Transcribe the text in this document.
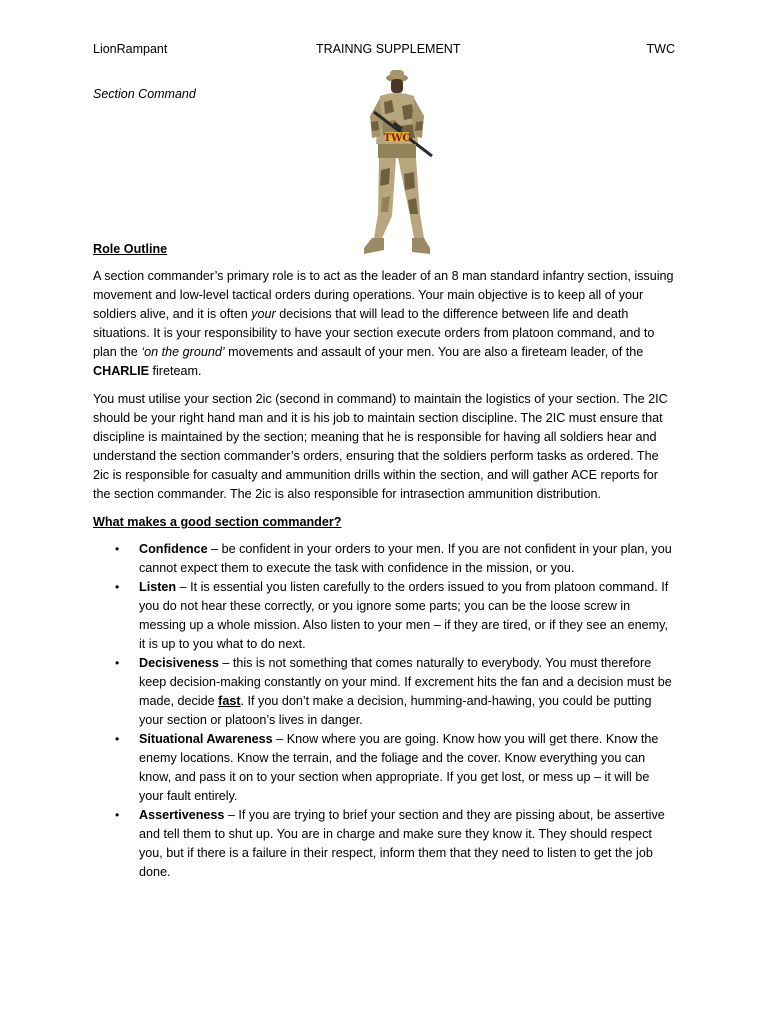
LionRampant	TRAINNG SUPPLEMENT	TWC
Section Command
TWC

Role Outline

A section commander’s primary role is to act as the leader of an 8 man standard infantry section, issuing movement and low-level tactical orders during operations. Your main objective is to keep all of your soldiers alive, and it is often your decisions that will lead to the difference between life and death situations. It is your responsibility to have your section execute orders from platoon command, and to plan the ‘on the ground’ movements and assault of your men. You are also a fireteam leader, of the CHARLIE fireteam.

You must utilise your section 2ic (second in command) to maintain the logistics of your section. The 2IC should be your right hand man and it is his job to maintain section discipline. The 2IC must ensure that discipline is maintained by the section; meaning that he is responsible for having all soldiers hear and understand the section commander’s orders, ensuring that the soldiers perform tasks as ordered. The 2ic is responsible for casualty and ammunition drills within the section, and will gather ACE reports for the section commander. The 2ic is also responsible for intrasection ammunition distribution.

What makes a good section commander?

• Confidence – be confident in your orders to your men. If you are not confident in your plan, you cannot expect them to execute the task with confidence in the mission, or you.
• Listen – It is essential you listen carefully to the orders issued to you from platoon command. If you do not hear these correctly, or you ignore some parts; you can be the loose screw in messing up a whole mission. Also listen to your men – if they are tired, or if they see an enemy, it is up to you what to do next.
• Decisiveness – this is not something that comes naturally to everybody. You must therefore keep decision-making constantly on your mind. If excrement hits the fan and a decision must be made, decide fast. If you don’t make a decision, humming-and-hawing, you could be putting your section or platoon’s lives in danger.
• Situational Awareness – Know where you are going. Know how you will get there. Know the enemy locations. Know the terrain, and the foliage and the cover. Know everything you can know, and pass it on to your section when appropriate. If you get lost, or mess up – it will be your fault entirely.
• Assertiveness – If you are trying to brief your section and they are pissing about, be assertive and tell them to shut up. You are in charge and make sure they know it. They should respect you, but if there is a failure in their respect, inform them that they need to listen to get the job done.
